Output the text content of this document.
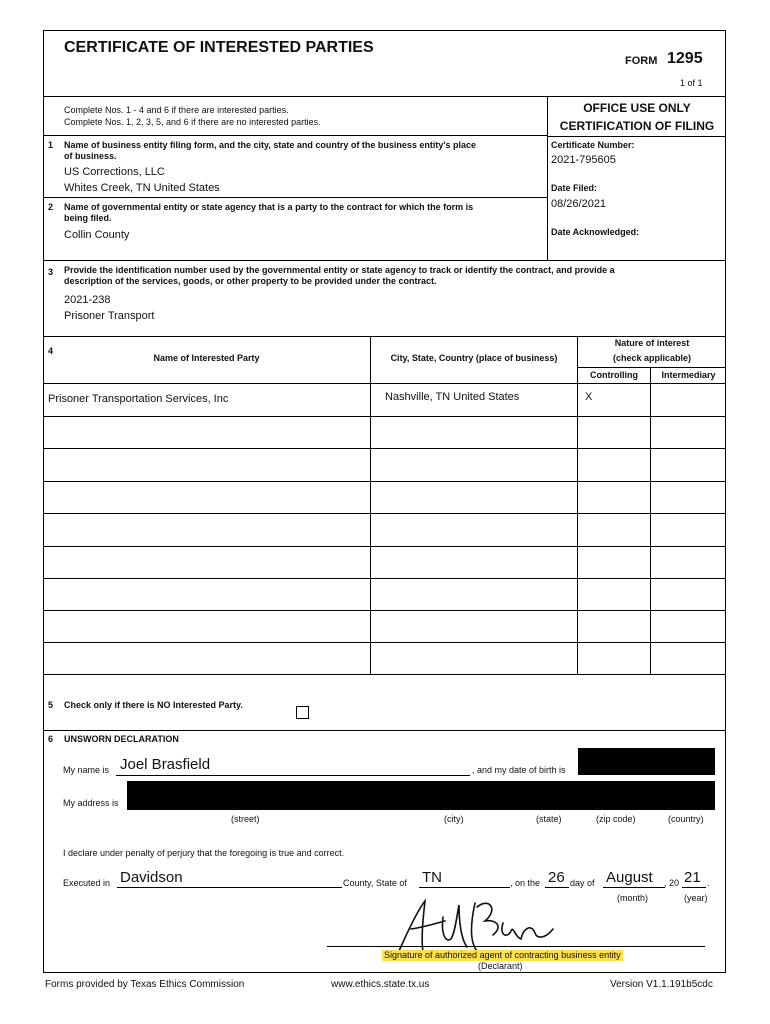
CERTIFICATE OF INTERESTED PARTIES
FORM 1295
1 of 1
Complete Nos. 1 - 4 and 6 if there are interested parties.
Complete Nos. 1, 2, 3, 5, and 6 if there are no interested parties.
OFFICE USE ONLY
CERTIFICATION OF FILING
Certificate Number:
2021-795605
Date Filed:
08/26/2021
Date Acknowledged:
1 Name of business entity filing form, and the city, state and country of the business entity's place
of business.
US Corrections, LLC
Whites Creek, TN United States
2 Name of governmental entity or state agency that is a party to the contract for which the form is
being filed.
Collin County
3 Provide the identification number used by the governmental entity or state agency to track or identify the contract, and provide a
description of the services, goods, or other property to be provided under the contract.
2021-238
Prisoner Transport
4
Name of Interested Party	City, State, Country (place of business)
Nature of interest
(check applicable)
Controlling	Intermediary
Prisoner Transportation Services, Inc	Nashville, TN United States	X
5 Check only if there is NO Interested Party.
6 UNSWORN DECLARATION
My name is Joel Brasfield	, and my date of birth is
My address is
(street)	(city)	(state)	(zip code)	(country)
I declare under penalty of perjury that the foregoing is true and correct.
Executed in Davidson	County, State of TN	, on the 26 day of August , 20 21 .
(month)	(year)
Signature of authorized agent of contracting business entity
(Declarant)
Forms provided by Texas Ethics Commission	www.ethics.state.tx.us	Version V1.1.191b5cdc
